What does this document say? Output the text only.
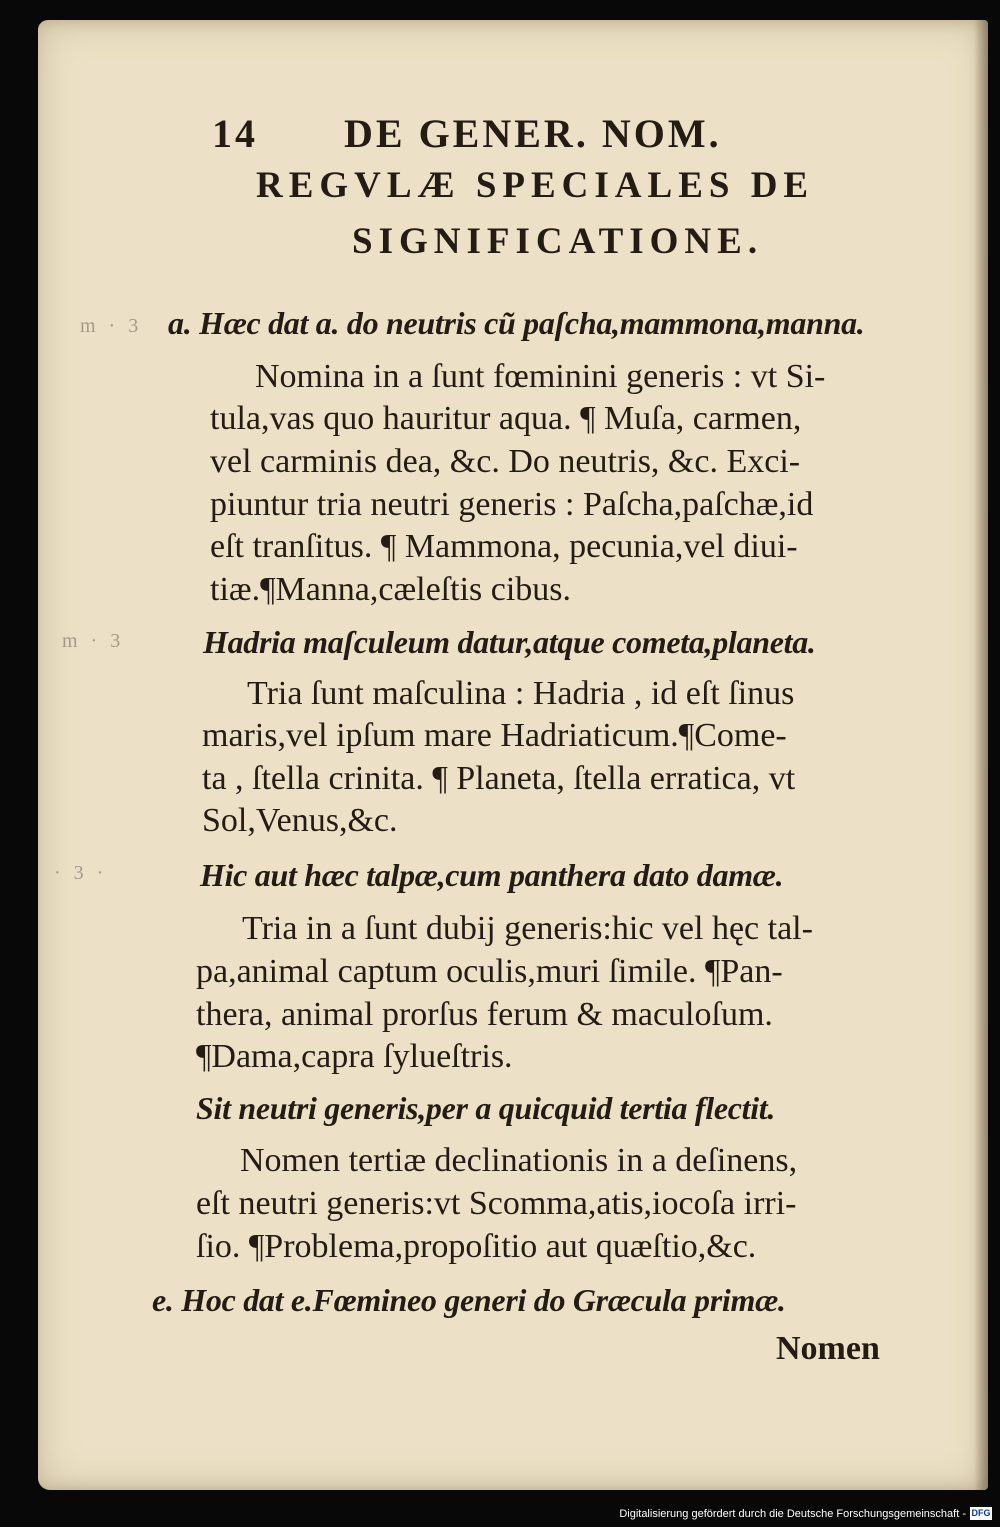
14 DE GENER. NOM.
REGVLÆ SPECIALES DE
SIGNIFICATIONE.
m · 3
m · 3
· 3 ·
a. Hæc dat a. do neutris cũ paſcha,mammona,manna.
Nomina in a ſunt fœminini generis : vt Si-
tula,vas quo hauritur aqua. ¶ Muſa, carmen,
vel carminis dea, &c. Do neutris, &c. Exci-
piuntur tria neutri generis : Paſcha,paſchæ,id
eſt tranſitus. ¶ Mammona, pecunia,vel diui-
tiæ.¶Manna,cæleſtis cibus.
Hadria maſculeum datur,atque cometa,planeta.
Tria ſunt maſculina : Hadria , id eſt ſinus
maris,vel ipſum mare Hadriaticum.¶Come-
ta , ſtella crinita. ¶ Planeta, ſtella erratica, vt
Sol,Venus,&c.
Hic aut hæc talpæ,cum panthera dato damæ.
Tria in a ſunt dubij generis:hic vel hęc tal-
pa,animal captum oculis,muri ſimile. ¶Pan-
thera, animal prorſus ferum & maculoſum.
¶Dama,capra ſylueſtris.
Sit neutri generis,per a quicquid tertia flectit.
Nomen tertiæ declinationis in a deſinens,
eſt neutri generis:vt Scomma,atis,iocoſa irri-
ſio. ¶Problema,propoſitio aut quæſtio,&c.
e. Hoc dat e.Fœmineo generi do Græcula primæ.
Nomen
Digitalisierung gefördert durch die Deutsche Forschungsgemeinschaft - DFG
